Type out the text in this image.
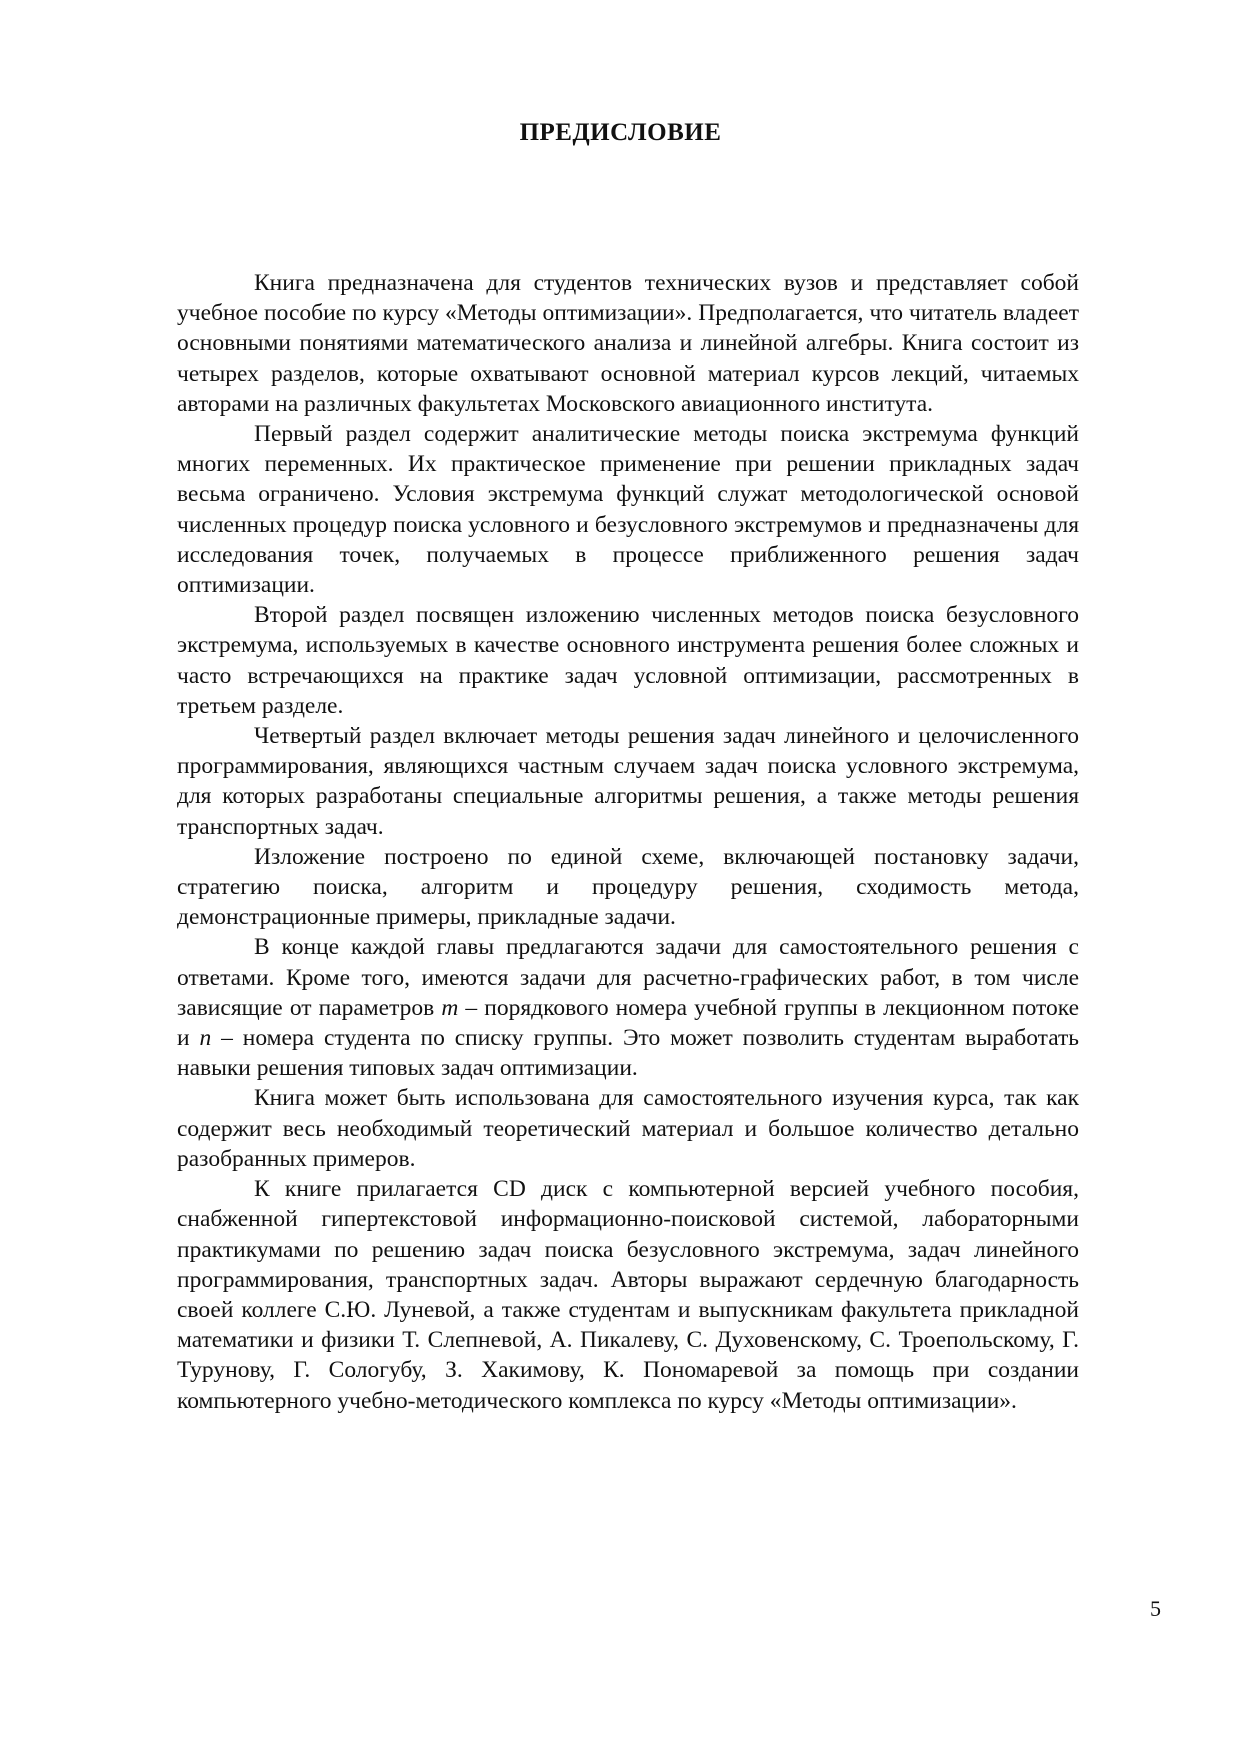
ПРЕДИСЛОВИЕ

Книга предназначена для студентов технических вузов и представляет собой учебное пособие по курсу «Методы оптимизации». Предполагается, что читатель владеет основными понятиями математического анализа и линейной алгебры. Книга состоит из четырех разделов, которые охватывают основной материал курсов лекций, читаемых авторами на различных факультетах Московского авиационного института.

Первый раздел содержит аналитические методы поиска экстремума функций многих переменных. Их практическое применение при решении прикладных задач весьма ограничено. Условия экстремума функций служат методологической основой численных процедур поиска условного и безусловного экстремумов и предназначены для исследования точек, получаемых в процессе приближенного решения задач оптимизации.

Второй раздел посвящен изложению численных методов поиска безусловного экстремума, используемых в качестве основного инструмента решения более сложных и часто встречающихся на практике задач условной оптимизации, рассмотренных в третьем разделе.

Четвертый раздел включает методы решения задач линейного и целочисленного программирования, являющихся частным случаем задач поиска условного экстремума, для которых разработаны специальные алгоритмы решения, а также методы решения транспортных задач.

Изложение построено по единой схеме, включающей постановку задачи, стратегию поиска, алгоритм и процедуру решения, сходимость метода, демонстрационные примеры, прикладные задачи.

В конце каждой главы предлагаются задачи для самостоятельного решения с ответами. Кроме того, имеются задачи для расчетно-графических работ, в том числе зависящие от параметров m – порядкового номера учебной группы в лекционном потоке и n – номера студента по списку группы. Это может позволить студентам выработать навыки решения типовых задач оптимизации.

Книга может быть использована для самостоятельного изучения курса, так как содержит весь необходимый теоретический материал и большое количество детально разобранных примеров.

К книге прилагается CD диск с компьютерной версией учебного пособия, снабженной гипертекстовой информационно-поисковой системой, лабораторными практикумами по решению задач поиска безусловного экстремума, задач линейного программирования, транспортных задач. Авторы выражают сердечную благодарность своей коллеге С.Ю. Луневой, а также студентам и выпускникам факультета прикладной математики и физики Т. Слепневой, А. Пикалеву, С. Духовенскому, С. Троепольскому, Г. Турунову, Г. Сологубу, З. Хакимову, К. Пономаревой за помощь при создании компьютерного учебно-методического комплекса по курсу «Методы оптимизации».

5
